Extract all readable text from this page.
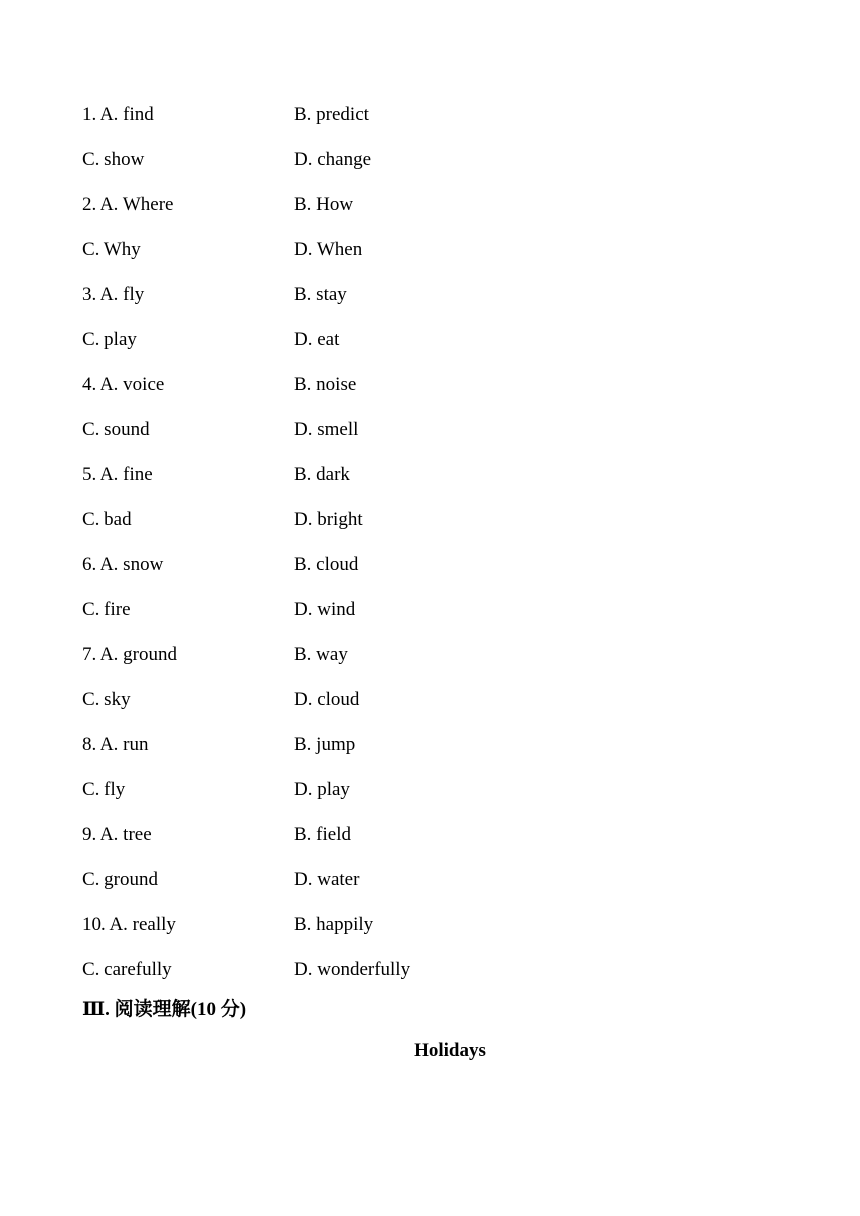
1. A. find	B. predict
C. show	D. change
2. A. Where	B. How
C. Why	D. When
3. A. fly	B. stay
C. play	D. eat
4. A. voice	B. noise
C. sound	D. smell
5. A. fine	B. dark
C. bad	D. bright
6. A. snow	B. cloud
C. fire	D. wind
7. A. ground	B. way
C. sky	D. cloud
8. A. run	B. jump
C. fly	D. play
9. A. tree	B. field
C. ground	D. water
10. A. really	B. happily
C. carefully	D. wonderfully
Ⅲ. 阅读理解(10 分)
Holidays
